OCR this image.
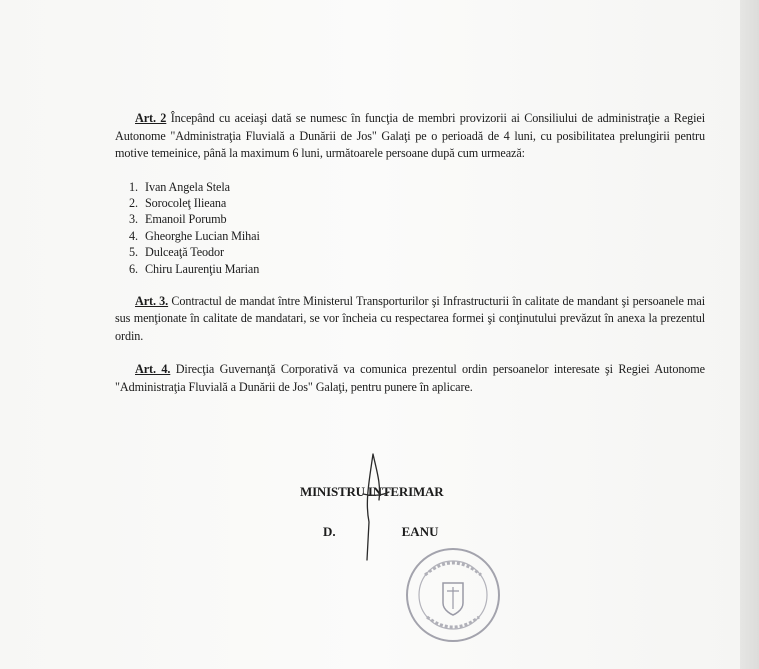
Art. 2 Începând cu aceiaşi dată se numesc în funcţia de membri provizorii ai Consiliului de administraţie a Regiei Autonome "Administraţia Fluvială a Dunării de Jos" Galaţi pe o perioadă de 4 luni, cu posibilitatea prelungirii pentru motive temeinice, până la maximum 6 luni, următoarele persoane după cum urmează:

1. Ivan Angela Stela
2. Sorocoleţ Ilieana
3. Emanoil Porumb
4. Gheorghe Lucian Mihai
5. Dulceaţă Teodor
6. Chiru Laurenţiu Marian

Art. 3. Contractul de mandat între Ministerul Transporturilor şi Infrastructurii în calitate de mandant şi persoanele mai sus menţionate în calitate de mandatari, se vor încheia cu respectarea formei şi conţinutului prevăzut în anexa la prezentul ordin.

Art. 4. Direcţia Guvernanţă Corporativă va comunica prezentul ordin persoanelor interesate şi Regiei Autonome "Administraţia Fluvială a Dunării de Jos" Galaţi, pentru punere în aplicare.

MINISTRU INTERIMAR
D.	EANU
